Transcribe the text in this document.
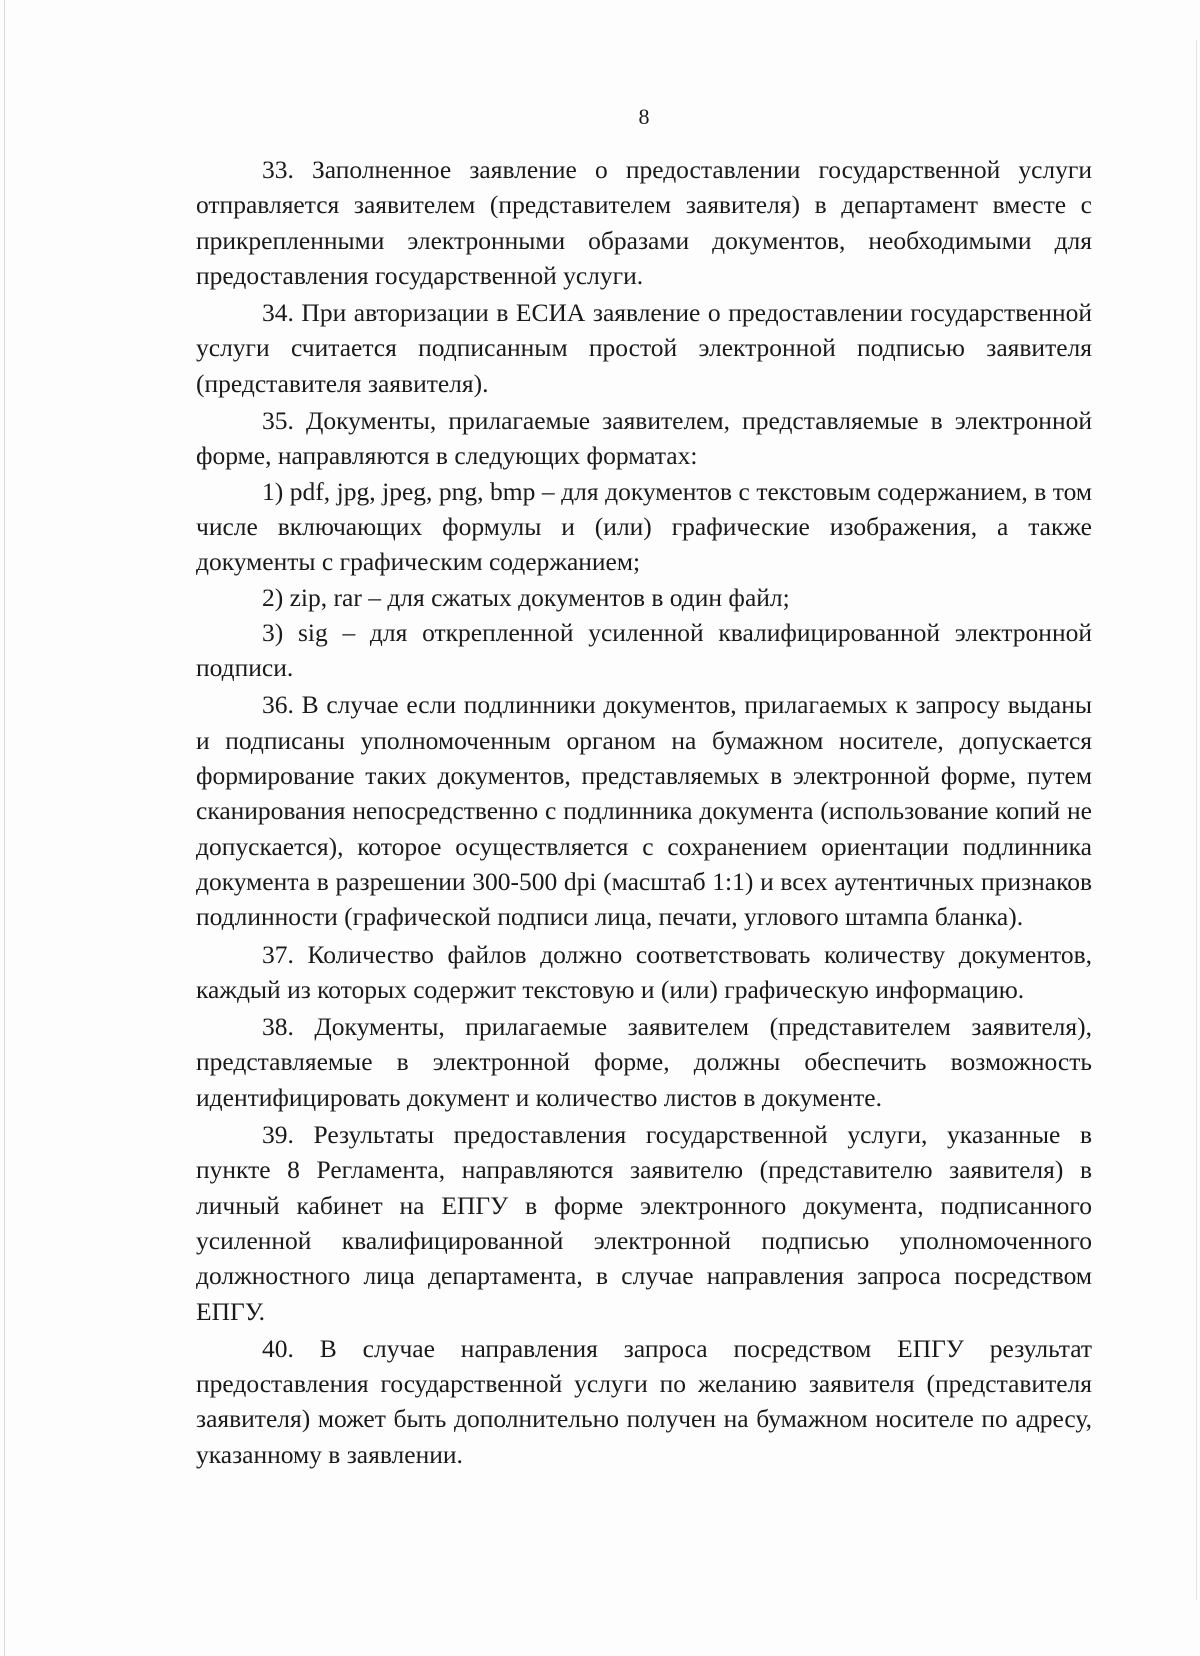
8

33. Заполненное заявление о предоставлении государственной услуги отправляется заявителем (представителем заявителя) в департамент вместе с прикрепленными электронными образами документов, необходимыми для предоставления государственной услуги.

34. При авторизации в ЕСИА заявление о предоставлении государственной услуги считается подписанным простой электронной подписью заявителя (представителя заявителя).

35. Документы, прилагаемые заявителем, представляемые в электронной форме, направляются в следующих форматах:

1) pdf, jpg, jpeg, png, bmp – для документов с текстовым содержанием, в том числе включающих формулы и (или) графические изображения, а также документы с графическим содержанием;

2) zip, rar – для сжатых документов в один файл;

3) sig – для открепленной усиленной квалифицированной электронной подписи.

36. В случае если подлинники документов, прилагаемых к запросу выданы и подписаны уполномоченным органом на бумажном носителе, допускается формирование таких документов, представляемых в электронной форме, путем сканирования непосредственно с подлинника документа (использование копий не допускается), которое осуществляется с сохранением ориентации подлинника документа в разрешении 300-500 dpi (масштаб 1:1) и всех аутентичных признаков подлинности (графической подписи лица, печати, углового штампа бланка).

37. Количество файлов должно соответствовать количеству документов, каждый из которых содержит текстовую и (или) графическую информацию.

38. Документы, прилагаемые заявителем (представителем заявителя), представляемые в электронной форме, должны обеспечить возможность идентифицировать документ и количество листов в документе.

39. Результаты предоставления государственной услуги, указанные в пункте 8 Регламента, направляются заявителю (представителю заявителя) в личный кабинет на ЕПГУ в форме электронного документа, подписанного усиленной квалифицированной электронной подписью уполномоченного должностного лица департамента, в случае направления запроса посредством ЕПГУ.

40. В случае направления запроса посредством ЕПГУ результат предоставления государственной услуги по желанию заявителя (представителя заявителя) может быть дополнительно получен на бумажном носителе по адресу, указанному в заявлении.
